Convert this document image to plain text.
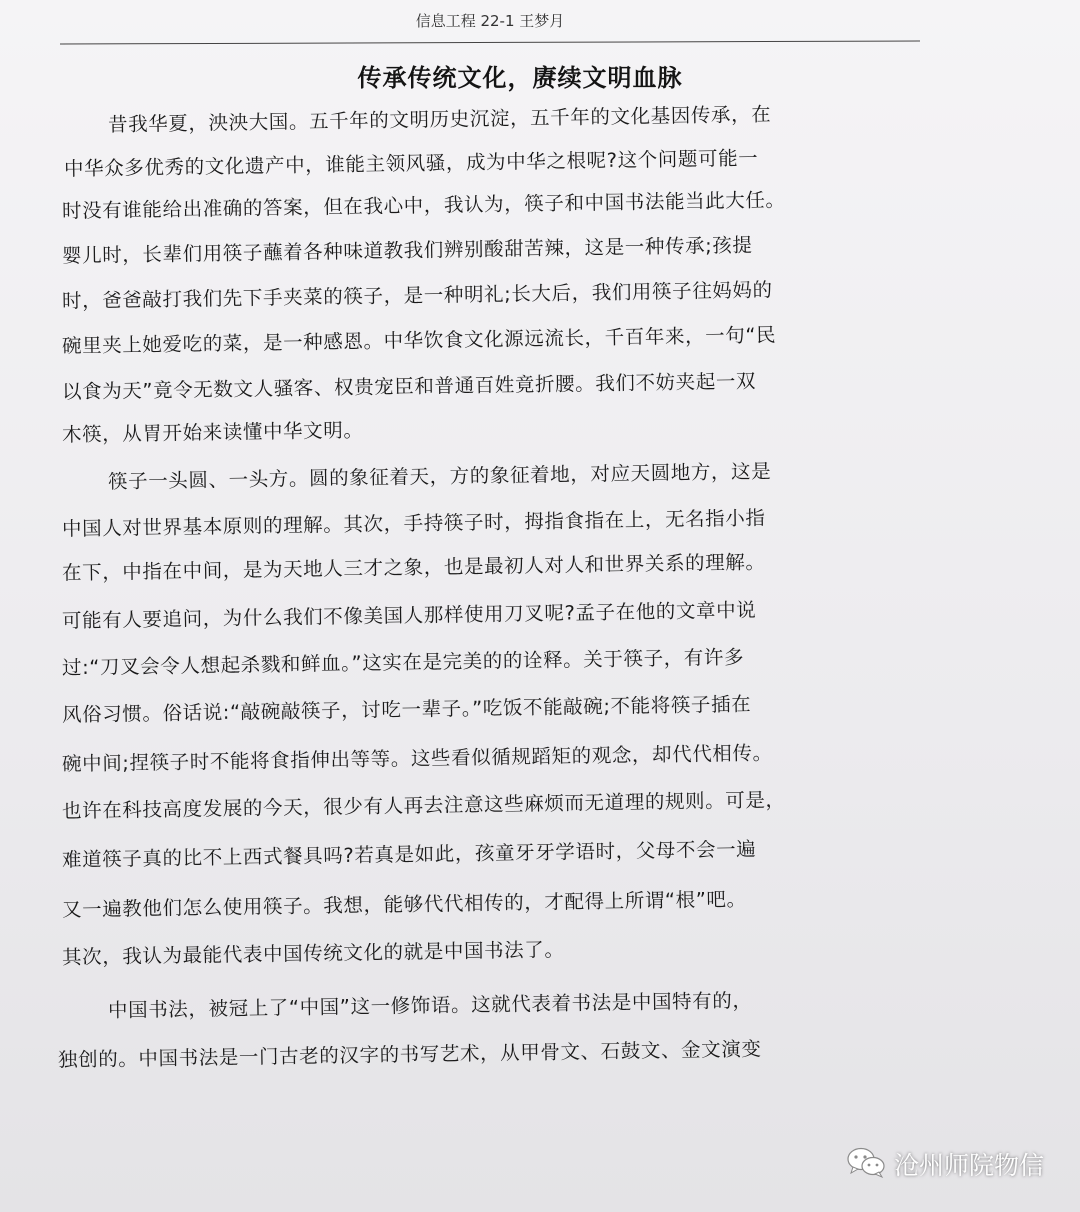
信息工程 22-1 王梦月
传承传统文化，赓续文明血脉
昔我华夏，泱泱大国。五千年的文明历史沉淀，五千年的文化基因传承，在
中华众多优秀的文化遗产中，谁能主领风骚，成为中华之根呢?这个问题可能一
时没有谁能给出准确的答案，但在我心中，我认为，筷子和中国书法能当此大任。
婴儿时，长辈们用筷子蘸着各种味道教我们辨别酸甜苦辣，这是一种传承;孩提
时，爸爸敲打我们先下手夹菜的筷子，是一种明礼;长大后，我们用筷子往妈妈的
碗里夹上她爱吃的菜，是一种感恩。中华饮食文化源远流长，千百年来，一句“民
以食为天”竟令无数文人骚客、权贵宠臣和普通百姓竟折腰。我们不妨夹起一双
木筷，从胃开始来读懂中华文明。
筷子一头圆、一头方。圆的象征着天，方的象征着地，对应天圆地方，这是
中国人对世界基本原则的理解。其次，手持筷子时，拇指食指在上，无名指小指
在下，中指在中间，是为天地人三才之象，也是最初人对人和世界关系的理解。
可能有人要追问，为什么我们不像美国人那样使用刀叉呢?孟子在他的文章中说
过:“刀叉会令人想起杀戮和鲜血。”这实在是完美的的诠释。关于筷子，有许多
风俗习惯。俗话说:“敲碗敲筷子，讨吃一辈子。”吃饭不能敲碗;不能将筷子插在
碗中间;捏筷子时不能将食指伸出等等。这些看似循规蹈矩的观念，却代代相传。
也许在科技高度发展的今天，很少有人再去注意这些麻烦而无道理的规则。可是，
难道筷子真的比不上西式餐具吗?若真是如此，孩童牙牙学语时，父母不会一遍
又一遍教他们怎么使用筷子。我想，能够代代相传的，才配得上所谓“根”吧。
其次，我认为最能代表中国传统文化的就是中国书法了。
中国书法，被冠上了“中国”这一修饰语。这就代表着书法是中国特有的，
独创的。中国书法是一门古老的汉字的书写艺术，从甲骨文、石鼓文、金文演变
沧州师院物信
